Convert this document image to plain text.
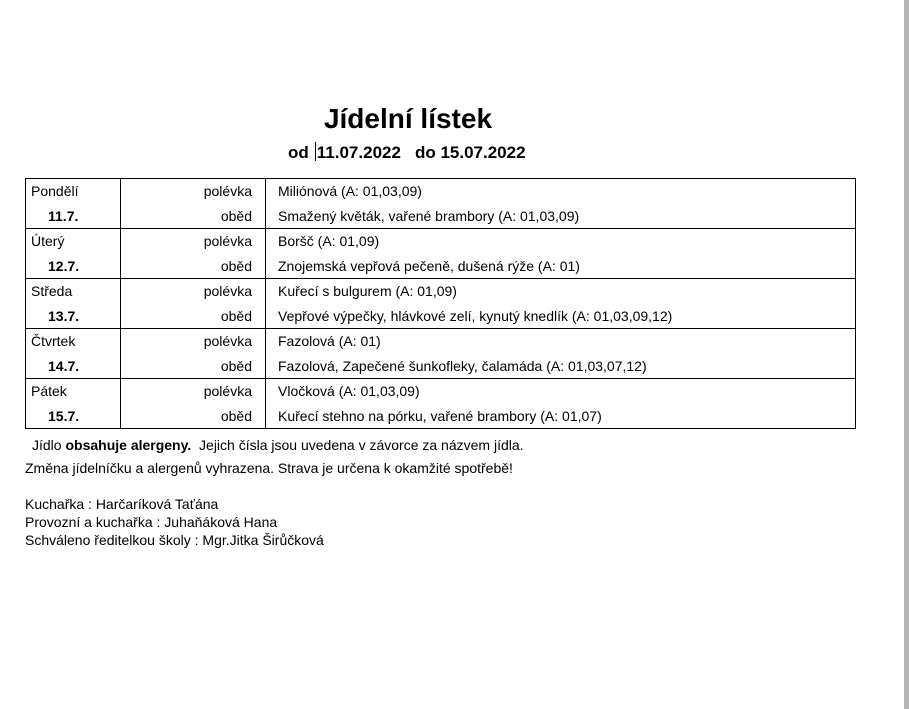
Jídelní lístek
od 11.07.2022 do 15.07.2022
Pondělí	polévka	Miliónová (A: 01,03,09)
11.7.	oběd	Smažený květák, vařené brambory (A: 01,03,09)
Úterý	polévka	Boršč (A: 01,09)
12.7.	oběd	Znojemská vepřová pečeně, dušená rýže (A: 01)
Středa	polévka	Kuřecí s bulgurem (A: 01,09)
13.7.	oběd	Vepřové výpečky, hlávkové zelí, kynutý knedlík (A: 01,03,09,12)
Čtvrtek	polévka	Fazolová (A: 01)
14.7.	oběd	Fazolová, Zapečené šunkofleky, čalamáda (A: 01,03,07,12)
Pátek	polévka	Vločková (A: 01,03,09)
15.7.	oběd	Kuřecí stehno na pórku, vařené brambory (A: 01,07)
Jídlo obsahuje alergeny.  Jejich čísla jsou uvedena v závorce za názvem jídla.
Změna jídelníčku a alergenů vyhrazena. Strava je určena k okamžité spotřebě!
Kuchařka : Harčaríková Taťána
Provozní a kuchařka : Juhaňáková Hana
Schváleno ředitelkou školy : Mgr.Jitka Širůčková
